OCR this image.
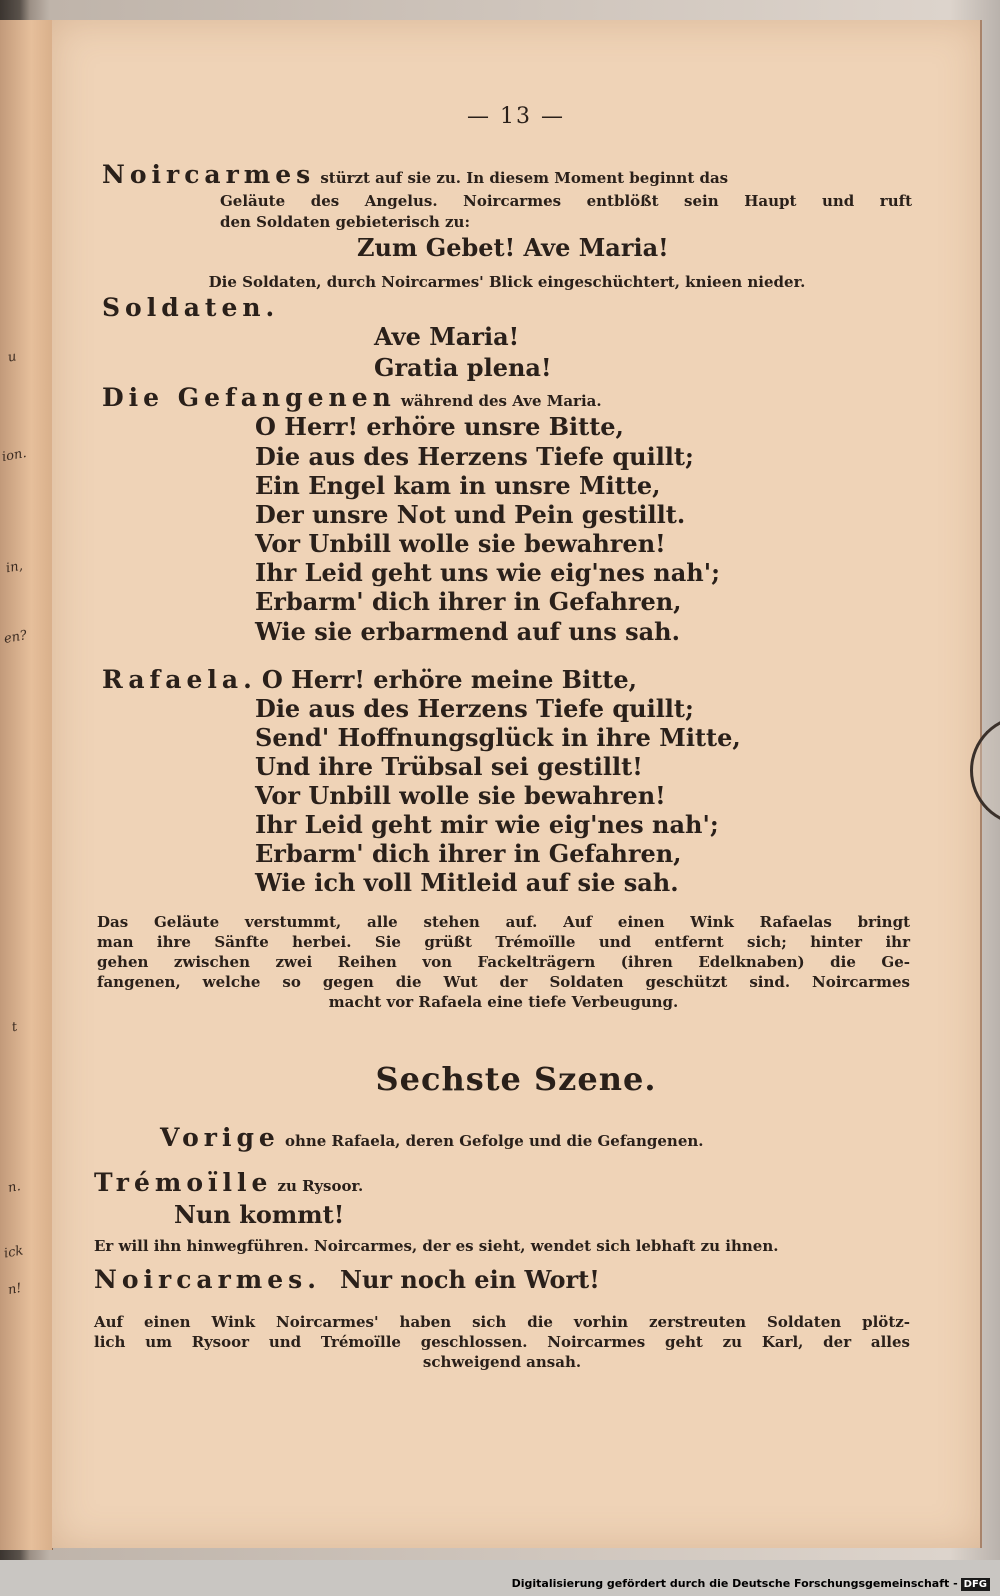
u
ion.
in,
en?
t
n.
ick
n!
— 13 —
Noircarmes stürzt auf sie zu. In diesem Moment beginnt das
Geläute des Angelus. Noircarmes entblößt sein Haupt und ruft
den Soldaten gebieterisch zu:
Zum Gebet! Ave Maria!
Die Soldaten, durch Noircarmes' Blick eingeschüchtert, knieen nieder.
Soldaten.
Ave Maria!
Gratia plena!
Die Gefangenen während des Ave Maria.
O Herr! erhöre unsre Bitte,
Die aus des Herzens Tiefe quillt;
Ein Engel kam in unsre Mitte,
Der unsre Not und Pein gestillt.
Vor Unbill wolle sie bewahren!
Ihr Leid geht uns wie eig'nes nah';
Erbarm' dich ihrer in Gefahren,
Wie sie erbarmend auf uns sah.
Rafaela. O Herr! erhöre meine Bitte,
Die aus des Herzens Tiefe quillt;
Send' Hoffnungsglück in ihre Mitte,
Und ihre Trübsal sei gestillt!
Vor Unbill wolle sie bewahren!
Ihr Leid geht mir wie eig'nes nah';
Erbarm' dich ihrer in Gefahren,
Wie ich voll Mitleid auf sie sah.
Das Geläute verstummt, alle stehen auf. Auf einen Wink Rafaelas bringt
man ihre Sänfte herbei. Sie grüßt Trémoïlle und entfernt sich; hinter ihr
gehen zwischen zwei Reihen von Fackelträgern (ihren Edelknaben) die Ge-
fangenen, welche so gegen die Wut der Soldaten geschützt sind. Noircarmes
macht vor Rafaela eine tiefe Verbeugung.
Sechste Szene.
Vorige ohne Rafaela, deren Gefolge und die Gefangenen.
Trémoïlle zu Rysoor.
Nun kommt!
Er will ihn hinwegführen. Noircarmes, der es sieht, wendet sich lebhaft zu ihnen.
Noircarmes. Nur noch ein Wort!
Auf einen Wink Noircarmes' haben sich die vorhin zerstreuten Soldaten plötz-
lich um Rysoor und Trémoïlle geschlossen. Noircarmes geht zu Karl, der alles
schweigend ansah.
Digitalisierung gefördert durch die Deutsche Forschungsgemeinschaft - DFG
